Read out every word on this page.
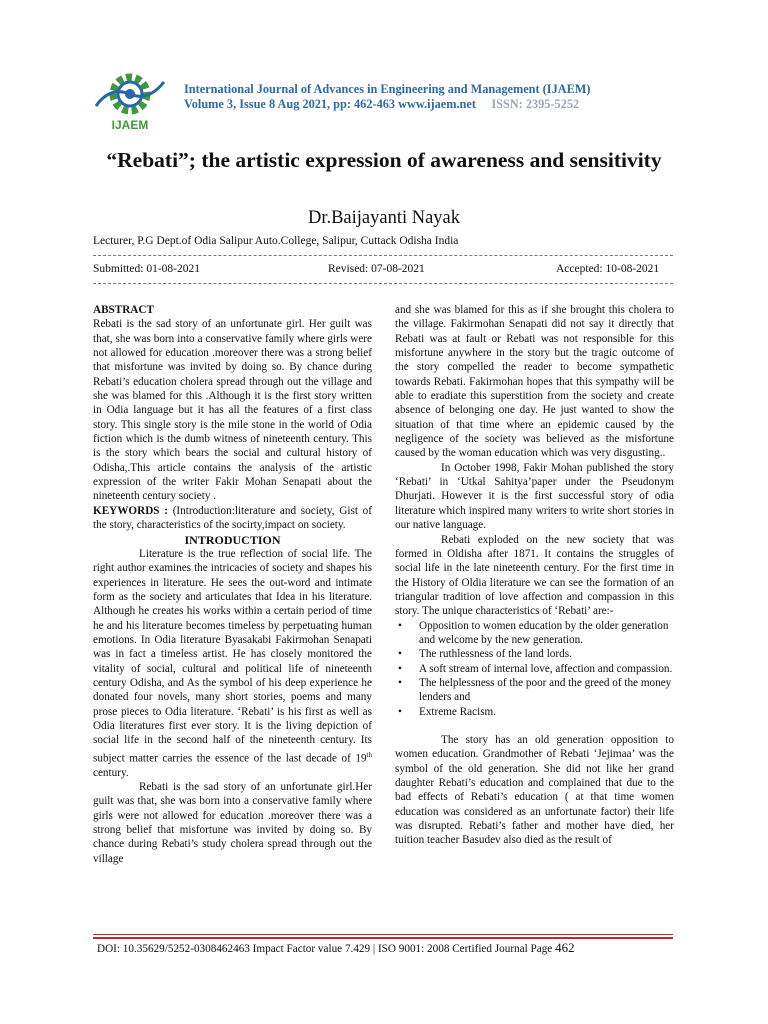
IJAEM
International Journal of Advances in Engineering and Management (IJAEM)
Volume 3, Issue 8 Aug 2021, pp: 462-463 www.ijaem.net ISSN: 2395-5252
“Rebati”; the artistic expression of awareness and sensitivity
Dr.Baijayanti Nayak
Lecturer, P.G Dept.of Odia Salipur Auto.College, Salipur, Cuttack Odisha India
Submitted: 01-08-2021	Revised: 07-08-2021	Accepted: 10-08-2021

ABSTRACT

Rebati is the sad story of an unfortunate girl. Her guilt was that, she was born into a conservative family where girls were not allowed for education .moreover there was a strong belief that misfortune was invited by doing so. By chance during Rebati’s education cholera spread through out the village and she was blamed for this .Although it is the first story written in Odia language but it has all the features of a first class story. This single story is the mile stone in the world of Odia fiction which is the dumb witness of nineteenth century. This is the story which bears the social and cultural history of Odisha,.This article contains the analysis of the artistic expression of the writer Fakir Mohan Senapati about the nineteenth century society .

KEYWORDS : (Introduction:literature and society, Gist of the story, characteristics of the socirty,impact on society.

INTRODUCTION

Literature is the true reflection of social life. The right author examines the intricacies of society and shapes his experiences in literature. He sees the out-word and intimate form as the society and articulates that Idea in his literature. Although he creates his works within a certain period of time he and his literature becomes timeless by perpetuating human emotions. In Odia literature Byasakabi Fakirmohan Senapati was in fact a timeless artist. He has closely monitored the vitality of social, cultural and political life of nineteenth century Odisha, and As the symbol of his deep experience he donated four novels, many short stories, poems and many prose pieces to Odia literature. ‘Rebati’ is his first as well as Odia literatures first ever story. It is the living depiction of social life in the second half of the nineteenth century. Its subject matter carries the essence of the last decade of 19th century.

Rebati is the sad story of an unfortunate girl.Her guilt was that, she was born into a conservative family where girls were not allowed for education .moreover there was a strong belief that misfortune was invited by doing so. By chance during Rebati’s study cholera spread through out the village

and she was blamed for this as if she brought this cholera to the village. Fakirmohan Senapati did not say it directly that Rebati was at fault or Rebati was not responsible for this misfortune anywhere in the story but the tragic outcome of the story compelled the reader to become sympathetic towards Rebati. Fakirmohan hopes that this sympathy will be able to eradiate this superstition from the society and create absence of belonging one day. He just wanted to show the situation of that time where an epidemic caused by the negligence of the society was believed as the misfortune caused by the woman education which was very disgusting..

In October 1998, Fakir Mohan published the story ‘Rebati’ in ‘Utkal Sahitya’paper under the Pseudonym Dhurjati. However it is the first successful story of odia literature which inspired many writers to write short stories in our native language.

Rebati exploded on the new society that was formed in Oldisha after 1871. It contains the struggles of social life in the late nineteenth century. For the first time in the History of Oldia literature we can see the formation of an triangular tradition of love affection and compassion in this story. The unique characteristics of ‘Rebati’ are:-

• Opposition to women education by the older generation and welcome by the new generation.
• The ruthlessness of the land lords.
• A soft stream of internal love, affection and compassion.
• The helplessness of the poor and the greed of the money lenders and
• Extreme Racism.

The story has an old generation opposition to women education. Grandmother of Rebati ‘Jejimaa’ was the symbol of the old generation. She did not like her grand daughter Rebati’s education and complained that due to the bad effects of Rebati’s education ( at that time women education was considered as an unfortunate factor) their life was disrupted. Rebati’s father and mother have died, her tuition teacher Basudev also died as the result of

DOI: 10.35629/5252-0308462463 Impact Factor value 7.429 | ISO 9001: 2008 Certified Journal Page 462
